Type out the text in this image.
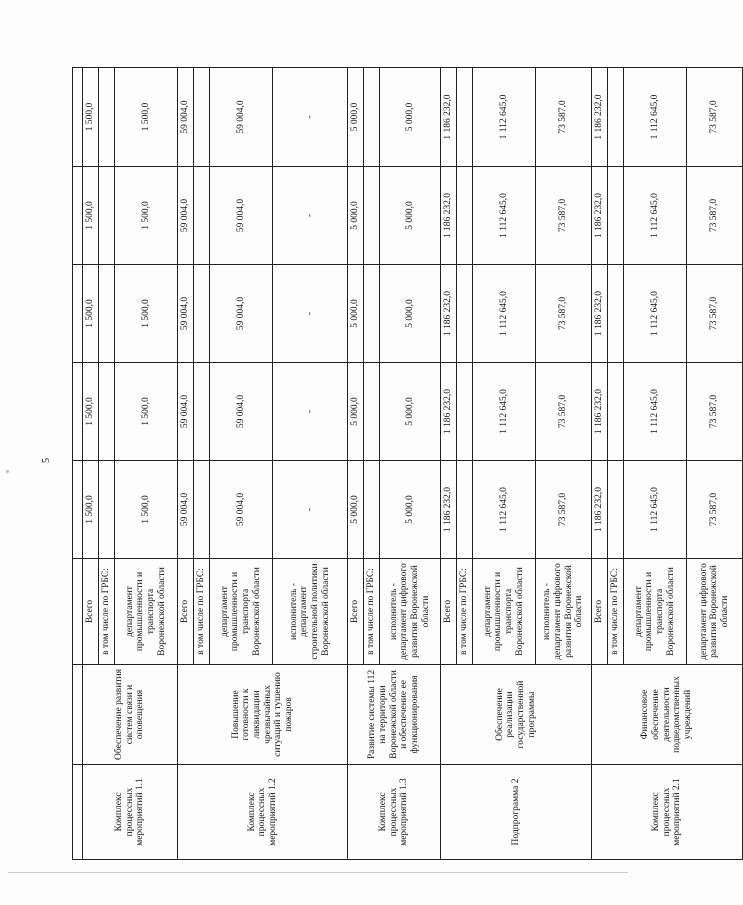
5

Комплекс процессных мероприятий 1.1	Обеспечение развития систем связи и оповещения	Всего	1 500,0	1 500,0	1 500,0	1 500,0	1 500,0
		в том числе по ГРБС:					
		департамент промышленности и транспорта Воронежской области	1 500,0	1 500,0	1 500,0	1 500,0	1 500,0
Комплекс процессных мероприятий 1.2	Повышение готовности к ликвидации чрезвычайных ситуаций и тушению пожаров	Всего	59 004,0	59 004,0	59 004,0	59 004,0	59 004,0
		в том числе по ГРБС:					
		департамент промышленности и транспорта Воронежской области	59 004,0	59 004,0	59 004,0	59 004,0	59 004,0
		исполнитель - департамент строительной политики Воронежской области	-	-	-	-	-
Комплекс процессных мероприятий 1.3	Развитие системы 112 на территории Воронежской области и обеспечение ее функционирования	Всего	5 000,0	5 000,0	5 000,0	5 000,0	5 000,0
		в том числе по ГРБС:					
		исполнитель - департамент цифрового развития Воронежской области	5 000,0	5 000,0	5 000,0	5 000,0	5 000,0
Подпрограмма 2	Обеспечение реализации государственной программы	Всего	1 186 232,0	1 186 232,0	1 186 232,0	1 186 232,0	1 186 232,0
		в том числе по ГРБС:					
		департамент промышленности и транспорта Воронежской области	1 112 645,0	1 112 645,0	1 112 645,0	1 112 645,0	1 112 645,0
		исполнитель - департамент цифрового развития Воронежской области	73 587,0	73 587,0	73 587,0	73 587,0	73 587,0
Комплекс процессных мероприятий 2.1	Финансовое обеспечение деятельности подведомственных учреждений	Всего	1 186 232,0	1 186 232,0	1 186 232,0	1 186 232,0	1 186 232,0
		в том числе по ГРБС:					
		департамент промышленности и транспорта Воронежской области	1 112 645,0	1 112 645,0	1 112 645,0	1 112 645,0	1 112 645,0
		департамент цифрового развития Воронежской области	73 587,0	73 587,0	73 587,0	73 587,0	73 587,0
